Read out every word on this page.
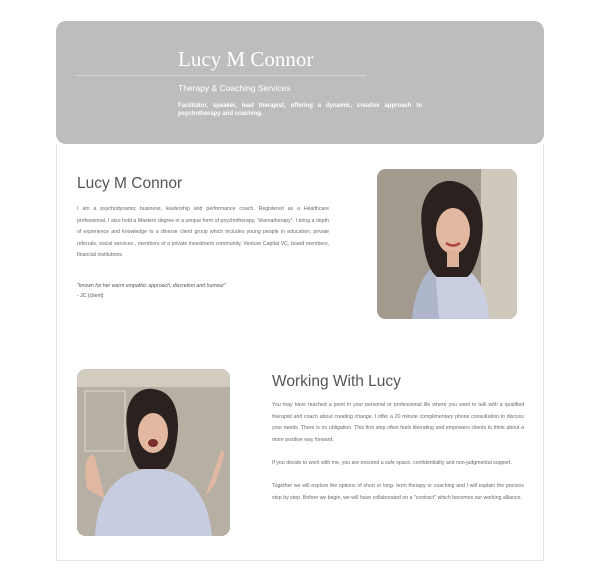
Lucy M Connor
Therapy & Coaching Services
Facilitator, speaker, lead therapist, offering a dynamic, creative approach to psychotherapy and coaching.
Lucy M Connor
I am a psychodynamic business, leadership and performance coach. Registered as a Healthcare professional, I also hold a Masters degree in a unique form of psychotherapy, "dramatherapy". I bring a depth of experience and knowledge to a diverse client group which includes young people in education, private referrals, social services , members of a private investment community, Venture Capital VC, board members, financial institutions.
"known for her warm empathic approach, discretion and humour"
- JC (client)
Working With Lucy

You may have reached a point in your personal or professional life where you want to talk with a qualified therapist and coach about creating change. I offer a 20 minute complimentary phone consultation to discuss your needs. There is no obligation. This first step often feels liberating and empowers clients to think about a more positive way forward.

If you decide to work with me, you are ensured a safe space, confidentiality and non-judgmental support.

Together we will explore the options of short or long- term therapy or coaching and I will explain the process step by step. Before we begin, we will have collaborated on a "contract" which becomes our working alliance.
